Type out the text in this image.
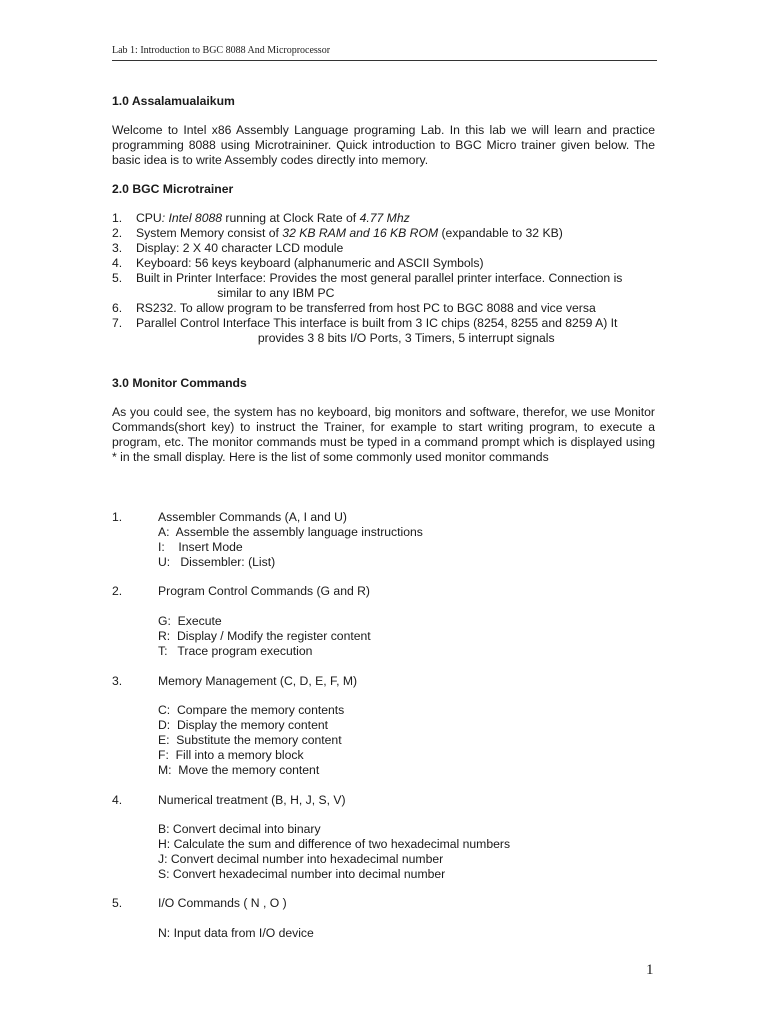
Lab 1: Introduction to BGC 8088 And Microprocessor
1.0 Assalamualaikum
Welcome to Intel x86 Assembly Language programing Lab. In this lab we will learn and practice programming 8088 using Microtraininer. Quick introduction to BGC Micro trainer given below. The basic idea is to write Assembly codes directly into memory.
2.0 BGC Microtrainer
1.	CPU: Intel 8088 running at Clock Rate of 4.77 Mhz
2.	System Memory consist of 32 KB RAM and 16 KB ROM (expandable to 32 KB)
3.	Display: 2 X 40 character LCD module
4.	Keyboard: 56 keys keyboard (alphanumeric and ASCII Symbols)
5.	Built in Printer Interface: Provides the most general parallel printer interface. Connection is
similar to any IBM PC
6.	RS232. To allow program to be transferred from host PC to BGC 8088 and vice versa
7.	Parallel Control Interface This interface is built from 3 IC chips (8254, 8255 and 8259 A) It
provides 3 8 bits I/O Ports, 3 Timers, 5 interrupt signals
3.0 Monitor Commands
As you could see, the system has no keyboard, big monitors and software, therefor, we use Monitor Commands(short key) to instruct the Trainer, for example to start writing program, to execute a program, etc. The monitor commands must be typed in a command prompt which is displayed using * in the small display. Here is the list of some commonly used monitor commands
1.	Assembler Commands (A, I and U)
A:  Assemble the assembly language instructions
I:    Insert Mode
U:   Dissembler: (List)
2.	Program Control Commands (G and R)
G:  Execute
R:  Display / Modify the register content
T:   Trace program execution
3.	Memory Management (C, D, E, F, M)
C:  Compare the memory contents
D:  Display the memory content
E:  Substitute the memory content
F:  Fill into a memory block
M:  Move the memory content
4.	Numerical treatment (B, H, J, S, V)
B: Convert decimal into binary
H: Calculate the sum and difference of two hexadecimal numbers
J: Convert decimal number into hexadecimal number
S: Convert hexadecimal number into decimal number
5.	I/O Commands ( N , O )
N: Input data from I/O device
1
